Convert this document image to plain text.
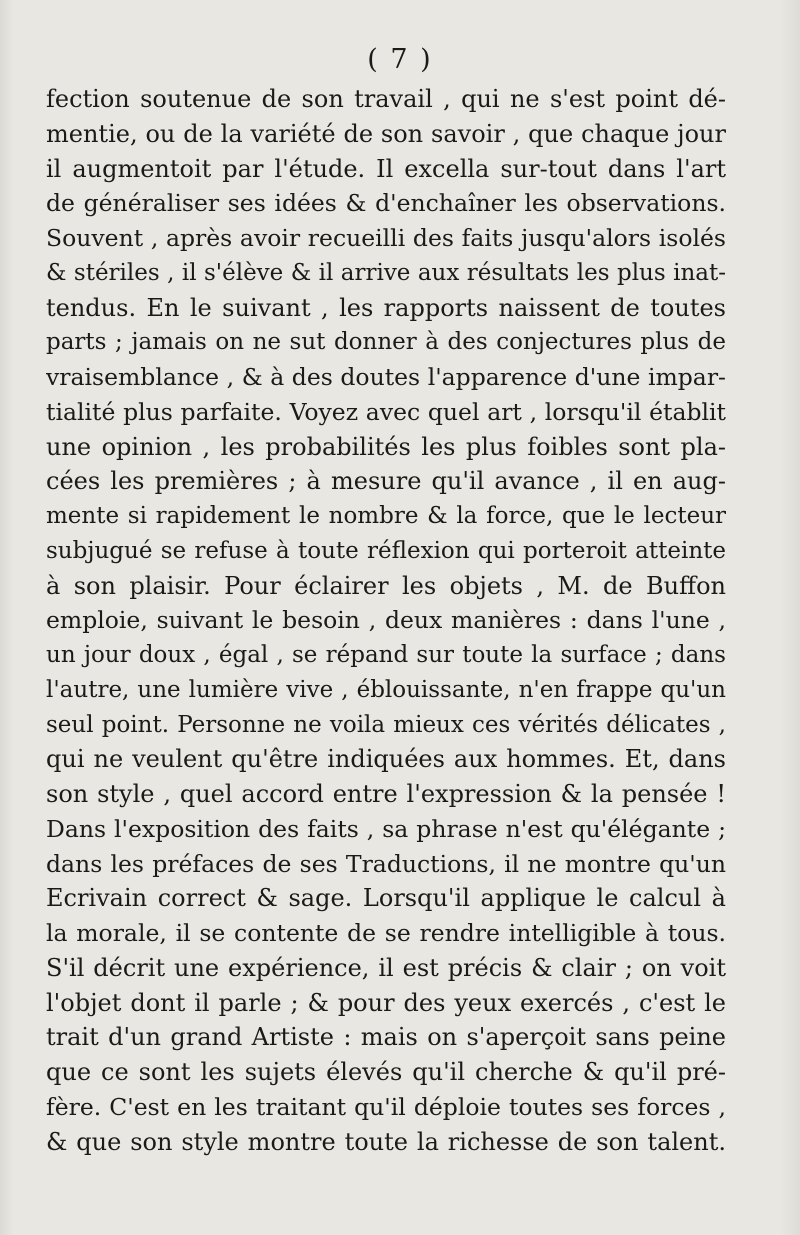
( 7 )
fection soutenue de son travail , qui ne s'est point dé-
mentie, ou de la variété de son savoir , que chaque jour
il augmentoit par l'étude. Il excella sur-tout dans l'art
de généraliser ses idées & d'enchaîner les observations.
Souvent , après avoir recueilli des faits jusqu'alors isolés
& stériles , il s'élève & il arrive aux résultats les plus inat-
tendus. En le suivant , les rapports naissent de toutes
parts ; jamais on ne sut donner à des conjectures plus de
vraisemblance , & à des doutes l'apparence d'une impar-
tialité plus parfaite. Voyez avec quel art , lorsqu'il établit
une opinion , les probabilités les plus foibles sont pla-
cées les premières ; à mesure qu'il avance , il en aug-
mente si rapidement le nombre & la force, que le lecteur
subjugué se refuse à toute réflexion qui porteroit atteinte
à son plaisir. Pour éclairer les objets , M. de Buffon
emploie, suivant le besoin , deux manières : dans l'une ,
un jour doux , égal , se répand sur toute la surface ; dans
l'autre, une lumière vive , éblouissante, n'en frappe qu'un
seul point. Personne ne voila mieux ces vérités délicates ,
qui ne veulent qu'être indiquées aux hommes. Et, dans
son style , quel accord entre l'expression & la pensée !
Dans l'exposition des faits , sa phrase n'est qu'élégante ;
dans les préfaces de ses Traductions, il ne montre qu'un
Ecrivain correct & sage. Lorsqu'il applique le calcul à
la morale, il se contente de se rendre intelligible à tous.
S'il décrit une expérience, il est précis & clair ; on voit
l'objet dont il parle ; & pour des yeux exercés , c'est le
trait d'un grand Artiste : mais on s'aperçoit sans peine
que ce sont les sujets élevés qu'il cherche & qu'il pré-
fère. C'est en les traitant qu'il déploie toutes ses forces ,
& que son style montre toute la richesse de son talent.
